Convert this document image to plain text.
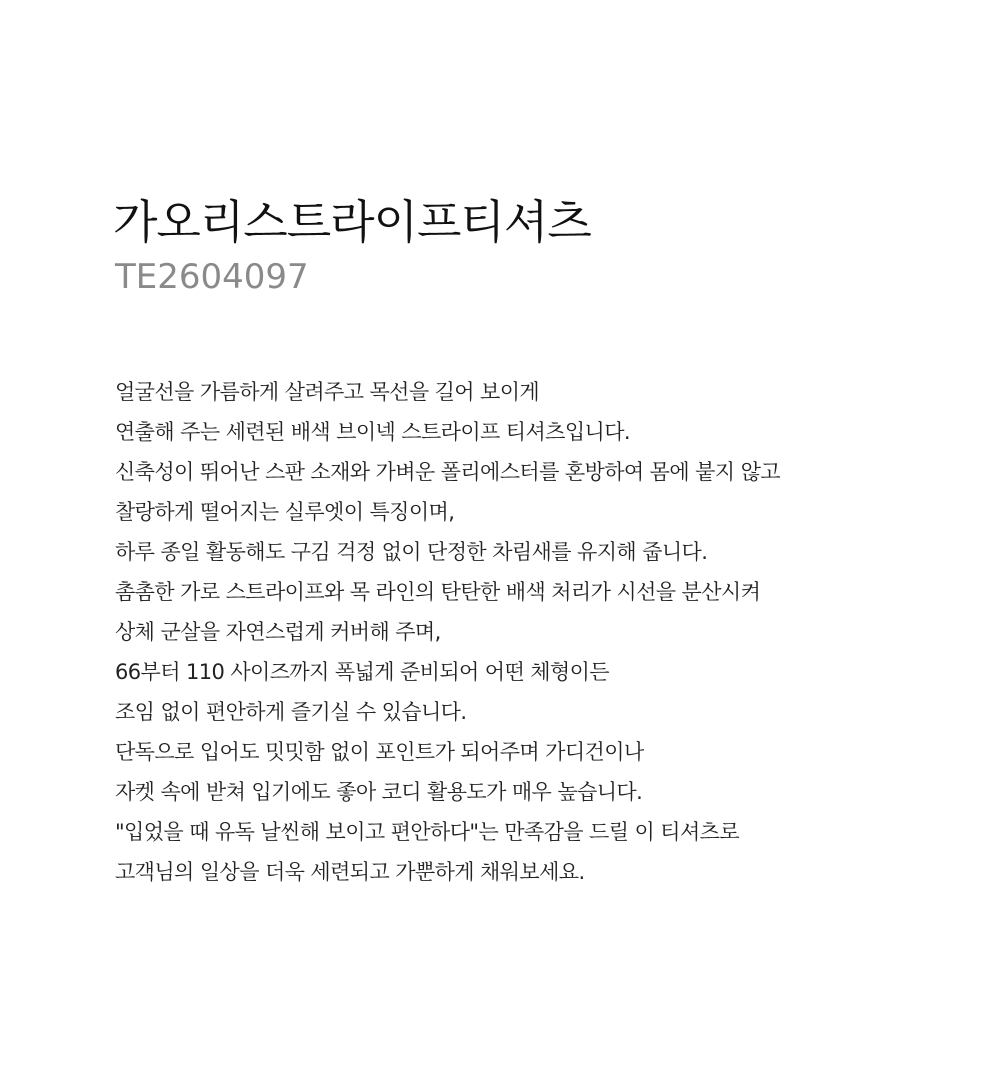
가오리스트라이프티셔츠
TE2604097
얼굴선을 가름하게 살려주고 목선을 길어 보이게
연출해 주는 세련된 배색 브이넥 스트라이프 티셔츠입니다.
신축성이 뛰어난 스판 소재와 가벼운 폴리에스터를 혼방하여 몸에 붙지 않고
찰랑하게 떨어지는 실루엣이 특징이며,
하루 종일 활동해도 구김 걱정 없이 단정한 차림새를 유지해 줍니다.
촘촘한 가로 스트라이프와 목 라인의 탄탄한 배색 처리가 시선을 분산시켜
상체 군살을 자연스럽게 커버해 주며,
66부터 110 사이즈까지 폭넓게 준비되어 어떤 체형이든
조임 없이 편안하게 즐기실 수 있습니다.
단독으로 입어도 밋밋함 없이 포인트가 되어주며 가디건이나
자켓 속에 받쳐 입기에도 좋아 코디 활용도가 매우 높습니다.
"입었을 때 유독 날씬해 보이고 편안하다"는 만족감을 드릴 이 티셔츠로
고객님의 일상을 더욱 세련되고 가뿐하게 채워보세요.
